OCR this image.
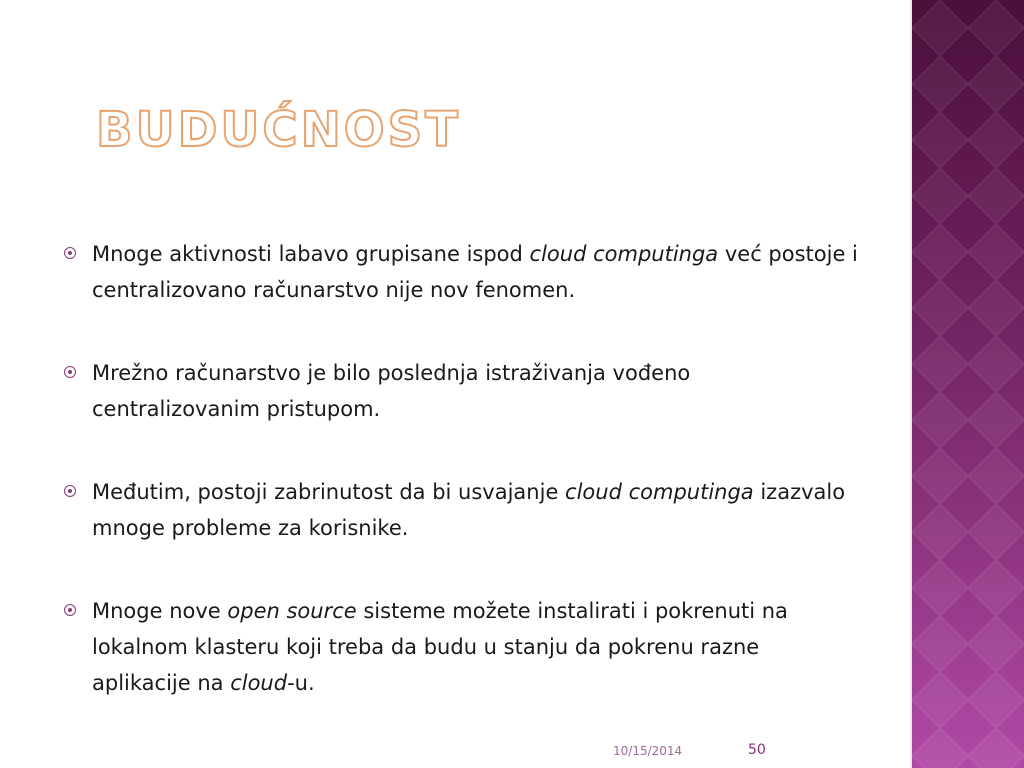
BUDUĆNOST
Mnoge aktivnosti labavo grupisane ispod cloud computinga već postoje i centralizovano računarstvo nije nov fenomen.
Mrežno računarstvo je bilo poslednja istraživanja vođeno centralizovanim pristupom.
Međutim, postoji zabrinutost da bi usvajanje cloud computinga izazvalo mnoge probleme za korisnike.
Mnoge nove open source sisteme možete instalirati i pokrenuti na lokalnom klasteru koji treba da budu u stanju da pokrenu razne aplikacije na cloud-u.
10/15/2014	50
